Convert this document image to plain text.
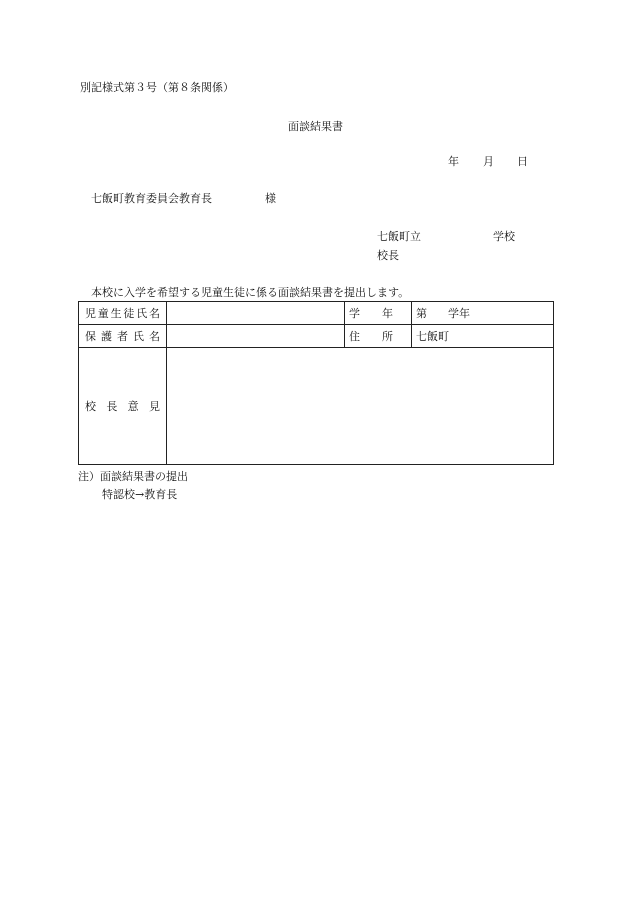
別記様式第３号（第８条関係）
面談結果書
年 月 日
七飯町教育委員会教育長	様
七飯町立	学校
校長
本校に入学を希望する児童生徒に係る面談結果書を提出します。
児童生徒氏名		学　　年	第 学年

保護者氏名		住　　所	七飯町

校長意見			

注）面談結果書の提出
特認校→教育長
